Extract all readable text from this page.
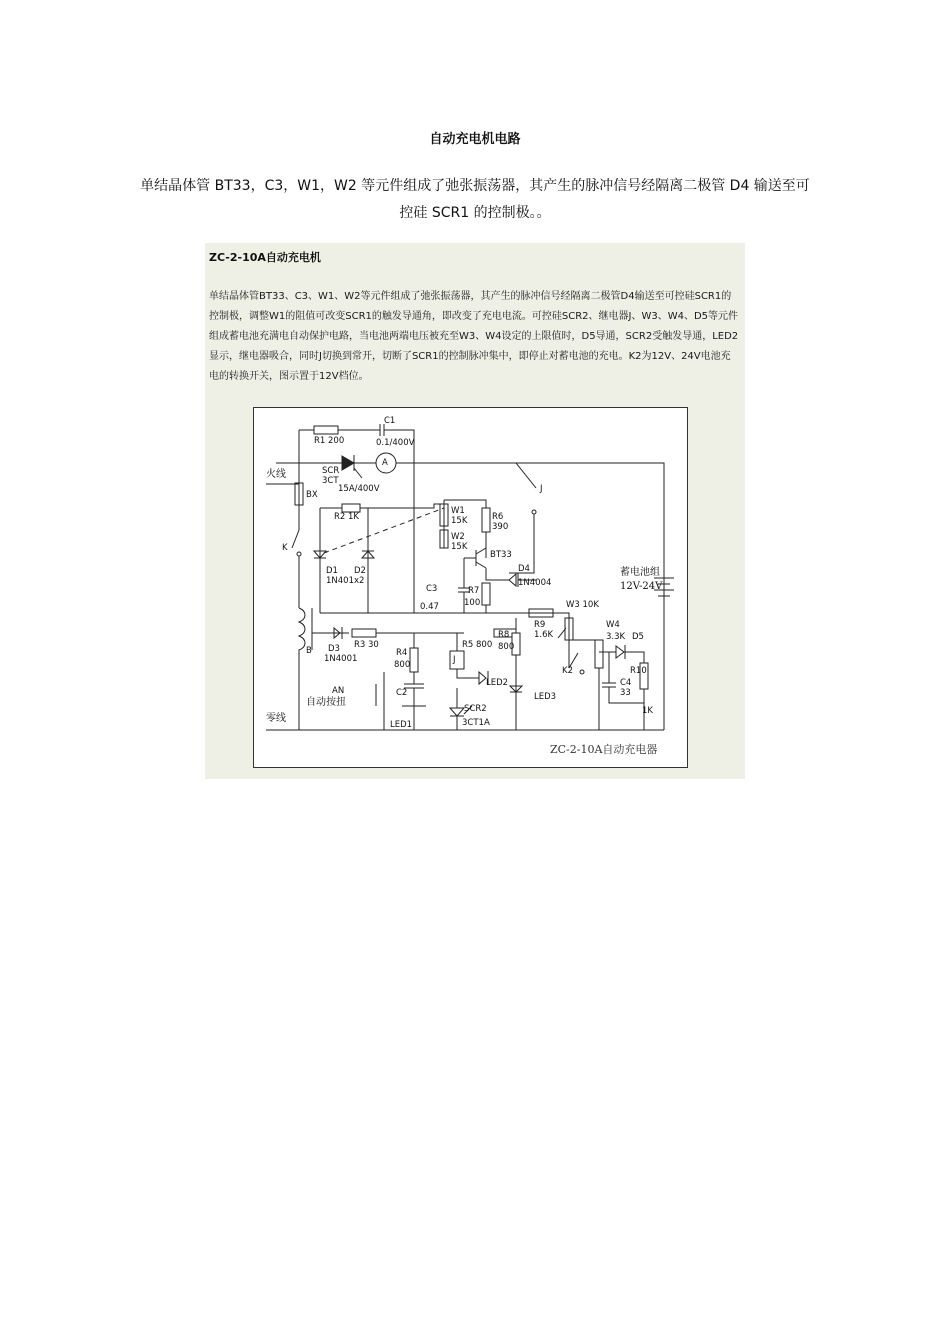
自动充电机电路
单结晶体管 BT33，C3，W1，W2 等元件组成了弛张振荡器，其产生的脉冲信号经隔离二极管 D4 输送至可控硅 SCR1 的控制极。。
ZC-2-10A自动充电机
单结晶体管BT33、C3、W1、W2等元件组成了弛张振荡器，其产生的脉冲信号经隔离二极管D4输送至可控硅SCR1的控制极，调整W1的阻值可改变SCR1的触发导通角，即改变了充电电流。可控硅SCR2、继电器J、W3、W4、D5等元件组成蓄电池充满电自动保护电路，当电池两端电压被充至W3、W4设定的上限值时，D5导通，SCR2受触发导通，LED2显示，继电器吸合，同时J切换到常开，切断了SCR1的控制脉冲集中，即停止对蓄电池的充电。K2为12V、24V电池充电的转换开关，图示置于12V档位。
R1 200
C1
0.1/400V
A
SCR
3CT
15A/400V
火线
零线
BX
K
J
R2 1K
W1
15K
W2
15K
R6
390
BT33
D1 D2
1N401x2
D4
1N4004
C3
0.47
R7
100
蓄电池组
12V-24V
R9
1.6K
W3 10K
W4
3.3K D5
B D3
1N4001
R3 30
R4
800
R5 800
R8
800
J
LED2
LED3
K2
C4
33
R10
1K
AN
自动按扭
C2
LED1
SCR2
3CT1A
ZC-2-10A自动充电器
